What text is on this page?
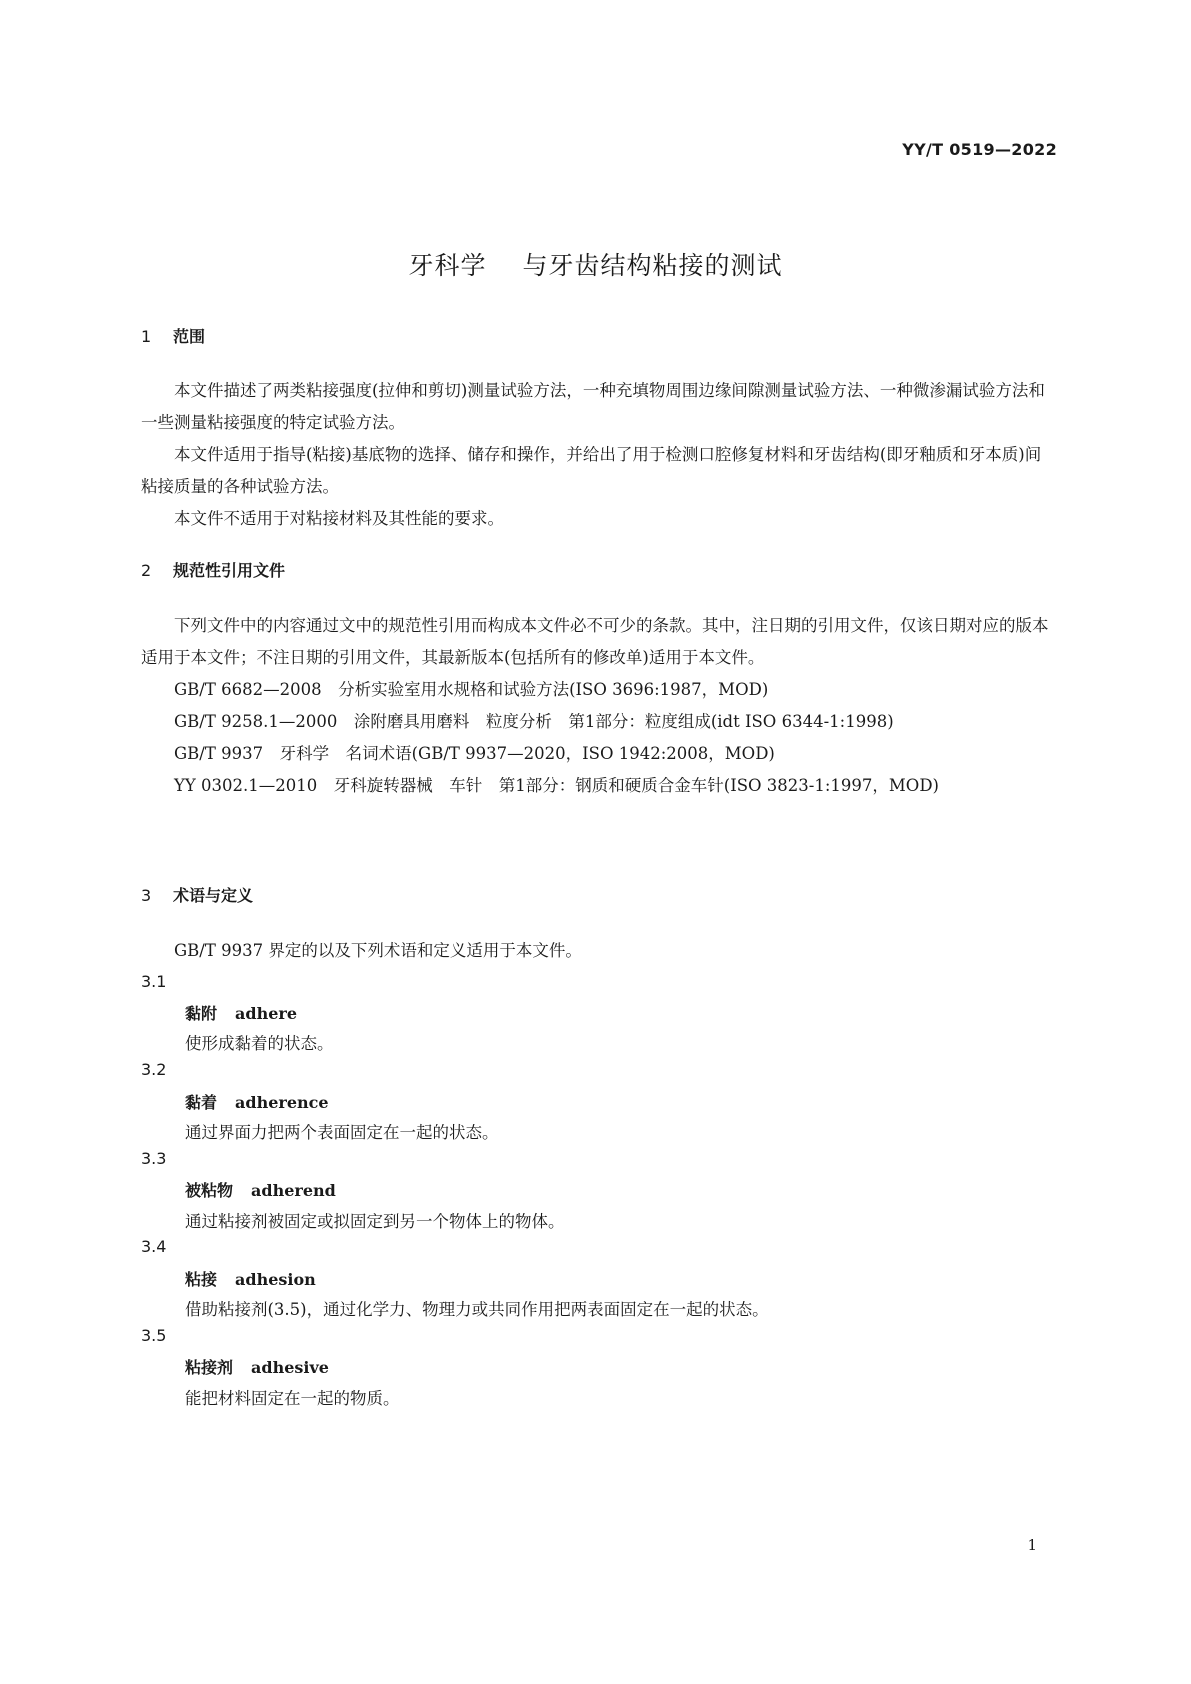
YY/T 0519—2022
牙科学 与牙齿结构粘接的测试
1 范围

本文件描述了两类粘接强度(拉伸和剪切)测量试验方法，一种充填物周围边缘间隙测量试验方法、一种微渗漏试验方法和一些测量粘接强度的特定试验方法。

本文件适用于指导(粘接)基底物的选择、储存和操作，并给出了用于检测口腔修复材料和牙齿结构(即牙釉质和牙本质)间粘接质量的各种试验方法。

本文件不适用于对粘接材料及其性能的要求。

2 规范性引用文件

下列文件中的内容通过文中的规范性引用而构成本文件必不可少的条款。其中，注日期的引用文件，仅该日期对应的版本适用于本文件；不注日期的引用文件，其最新版本(包括所有的修改单)适用于本文件。

GB/T 6682—2008　分析实验室用水规格和试验方法(ISO 3696:1987，MOD)

GB/T 9258.1—2000　涂附磨具用磨料　粒度分析　第1部分：粒度组成(idt ISO 6344-1:1998)

GB/T 9937　牙科学　名词术语(GB/T 9937—2020，ISO 1942:2008，MOD)

YY 0302.1—2010　牙科旋转器械　车针　第1部分：钢质和硬质合金车针(ISO 3823-1:1997，MOD)

3 术语与定义

GB/T 9937 界定的以及下列术语和定义适用于本文件。

3.1
黏附 adhere
使形成黏着的状态。
3.2
黏着 adherence
通过界面力把两个表面固定在一起的状态。
3.3
被粘物 adherend
通过粘接剂被固定或拟固定到另一个物体上的物体。
3.4
粘接 adhesion
借助粘接剂(3.5)，通过化学力、物理力或共同作用把两表面固定在一起的状态。
3.5
粘接剂 adhesive
能把材料固定在一起的物质。
1
